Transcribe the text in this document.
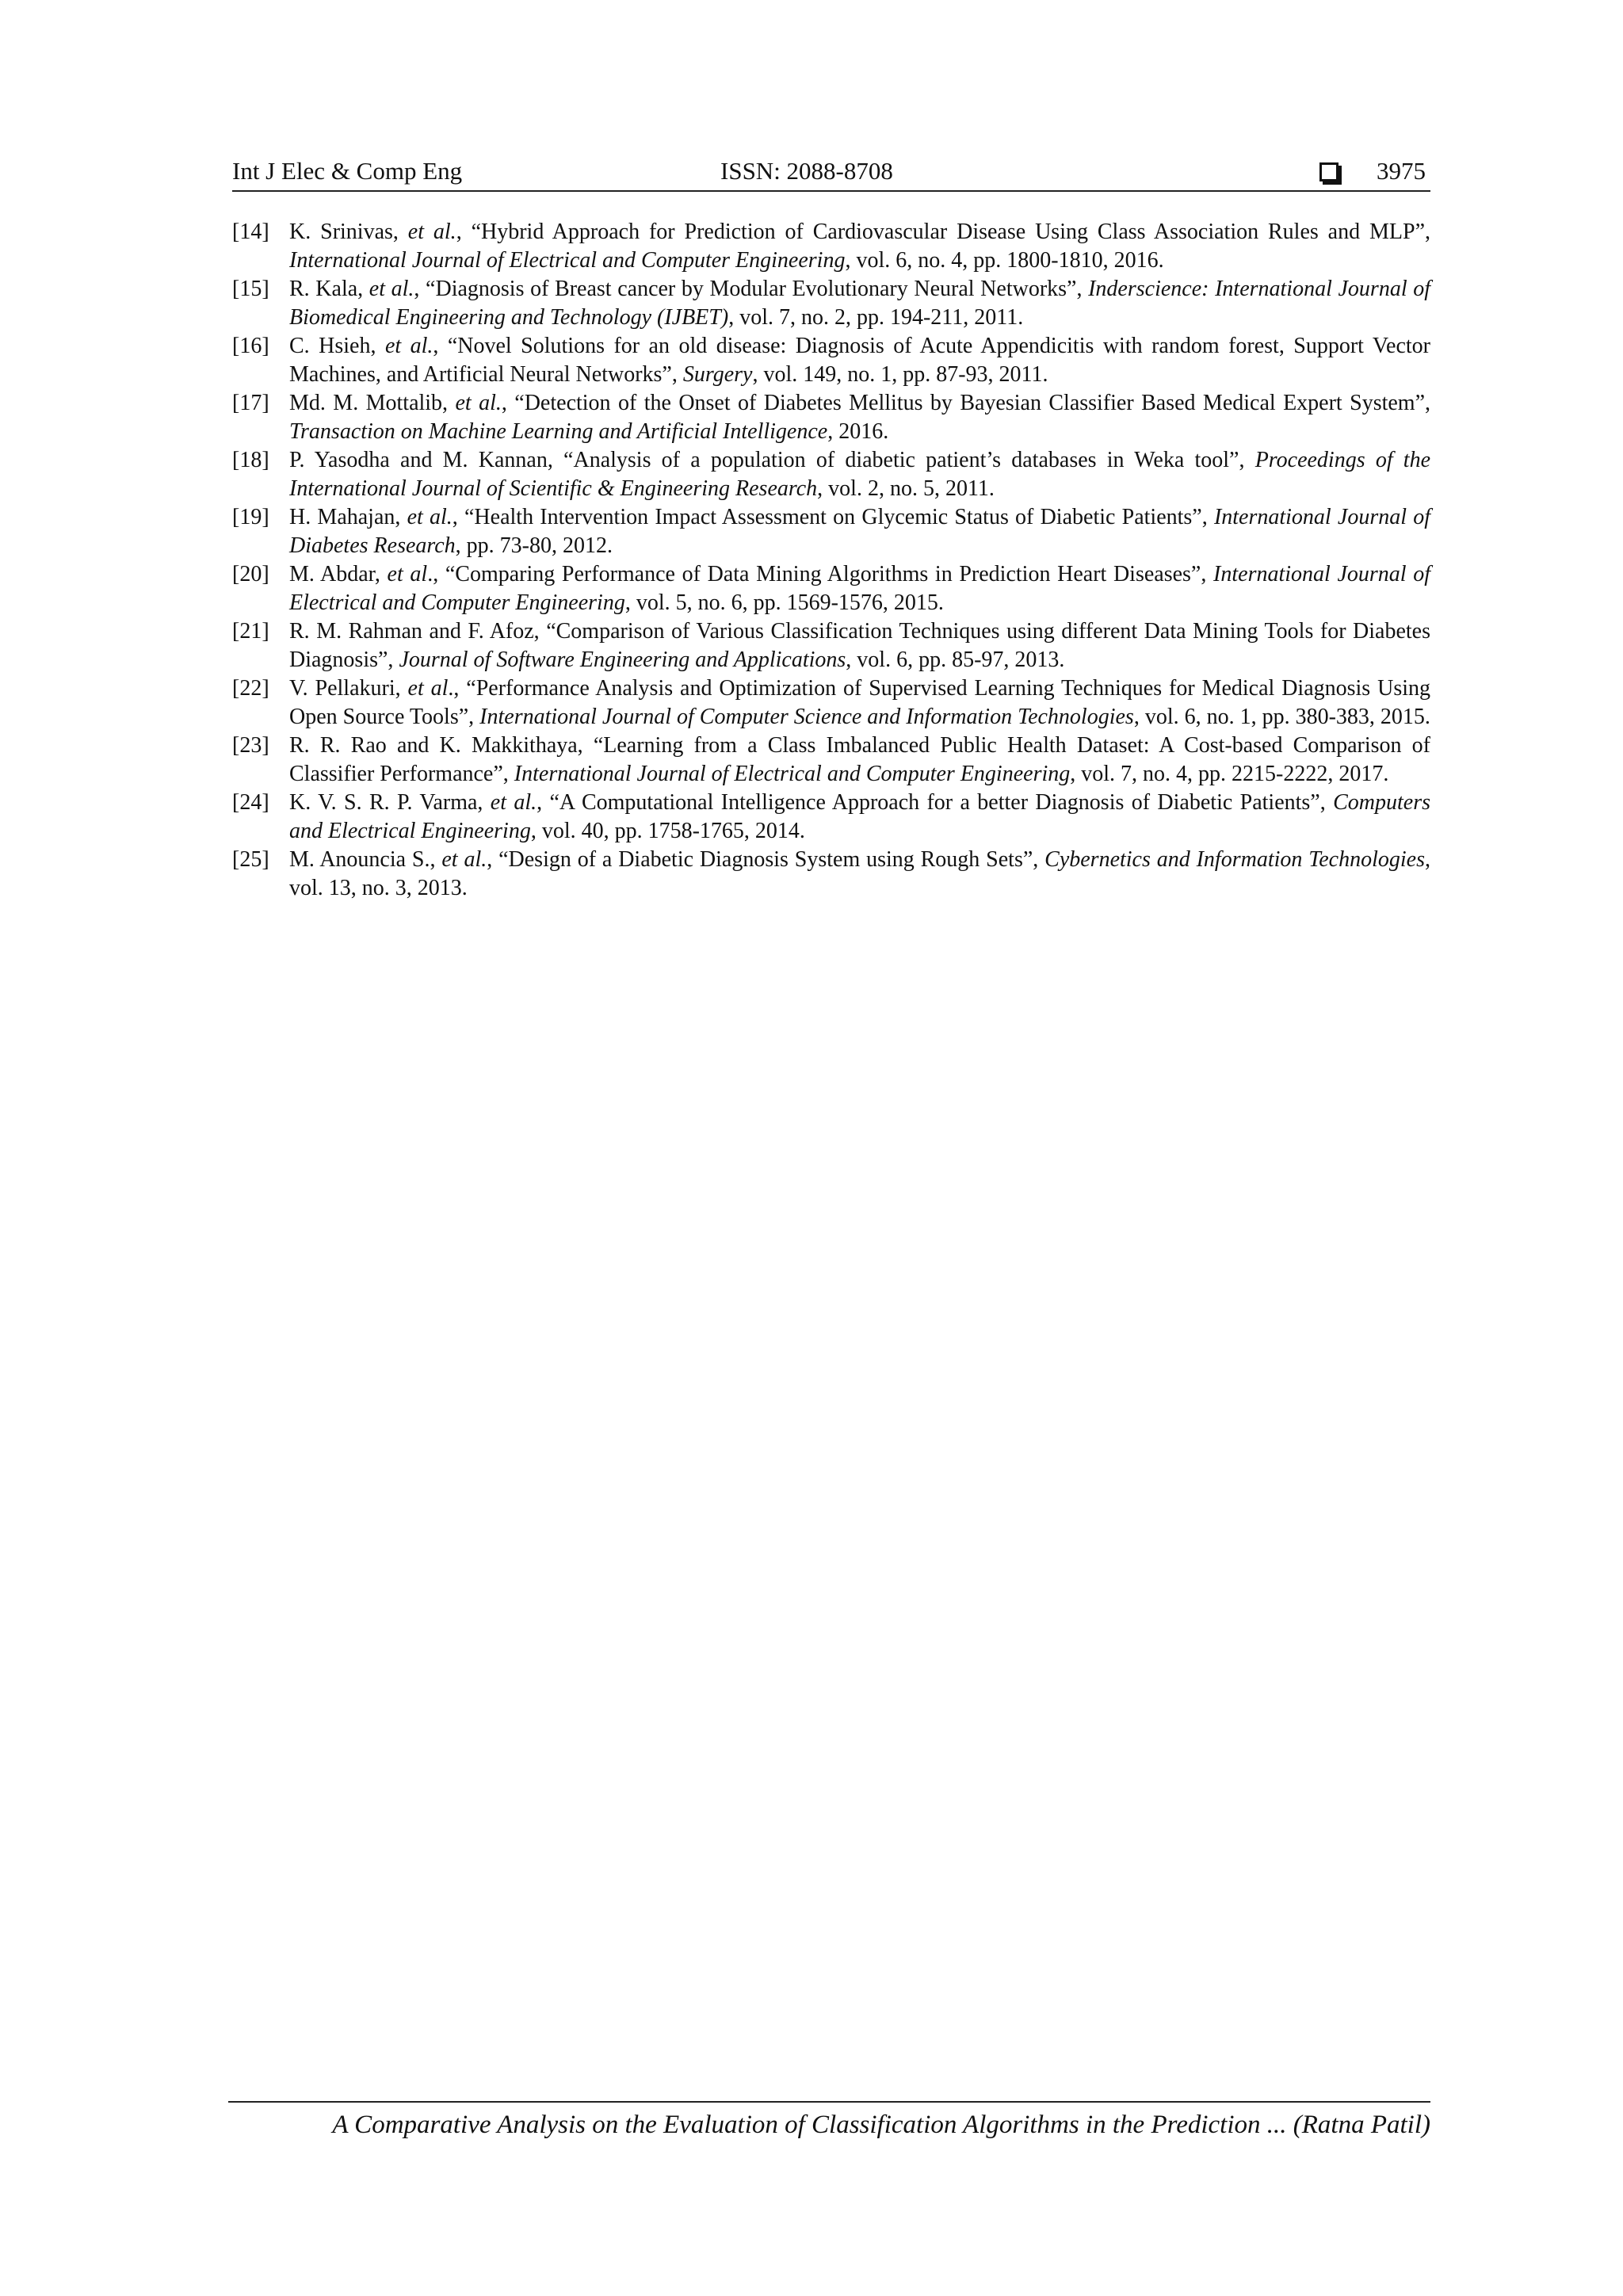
Int J Elec & Comp Eng	ISSN: 2088-8708	3975
[14] K. Srinivas, et al., “Hybrid Approach for Prediction of Cardiovascular Disease Using Class Association Rules and MLP”, International Journal of Electrical and Computer Engineering, vol. 6, no. 4, pp. 1800-1810, 2016.
[15] R. Kala, et al., “Diagnosis of Breast cancer by Modular Evolutionary Neural Networks”, Inderscience: International Journal of Biomedical Engineering and Technology (IJBET), vol. 7, no. 2, pp. 194-211, 2011.
[16] C. Hsieh, et al., “Novel Solutions for an old disease: Diagnosis of Acute Appendicitis with random forest, Support Vector Machines, and Artificial Neural Networks”, Surgery, vol. 149, no. 1, pp. 87-93, 2011.
[17] Md. M. Mottalib, et al., “Detection of the Onset of Diabetes Mellitus by Bayesian Classifier Based Medical Expert System”, Transaction on Machine Learning and Artificial Intelligence, 2016.
[18] P. Yasodha and M. Kannan, “Analysis of a population of diabetic patient’s databases in Weka tool”, Proceedings of the International Journal of Scientific & Engineering Research, vol. 2, no. 5, 2011.
[19] H. Mahajan, et al., “Health Intervention Impact Assessment on Glycemic Status of Diabetic Patients”, International Journal of Diabetes Research, pp. 73-80, 2012.
[20] M. Abdar, et al., “Comparing Performance of Data Mining Algorithms in Prediction Heart Diseases”, International Journal of Electrical and Computer Engineering, vol. 5, no. 6, pp. 1569-1576, 2015.
[21] R. M. Rahman and F. Afoz, “Comparison of Various Classification Techniques using different Data Mining Tools for Diabetes Diagnosis”, Journal of Software Engineering and Applications, vol. 6, pp. 85-97, 2013.
[22] V. Pellakuri, et al., “Performance Analysis and Optimization of Supervised Learning Techniques for Medical Diagnosis Using Open Source Tools”, International Journal of Computer Science and Information Technologies, vol. 6, no. 1, pp. 380-383, 2015.
[23] R. R. Rao and K. Makkithaya, “Learning from a Class Imbalanced Public Health Dataset: A Cost-based Comparison of Classifier Performance”, International Journal of Electrical and Computer Engineering, vol. 7, no. 4, pp. 2215-2222, 2017.
[24] K. V. S. R. P. Varma, et al., “A Computational Intelligence Approach for a better Diagnosis of Diabetic Patients”, Computers and Electrical Engineering, vol. 40, pp. 1758-1765, 2014.
[25] M. Anouncia S., et al., “Design of a Diabetic Diagnosis System using Rough Sets”, Cybernetics and Information Technologies, vol. 13, no. 3, 2013.
A Comparative Analysis on the Evaluation of Classification Algorithms in the Prediction ... (Ratna Patil)
